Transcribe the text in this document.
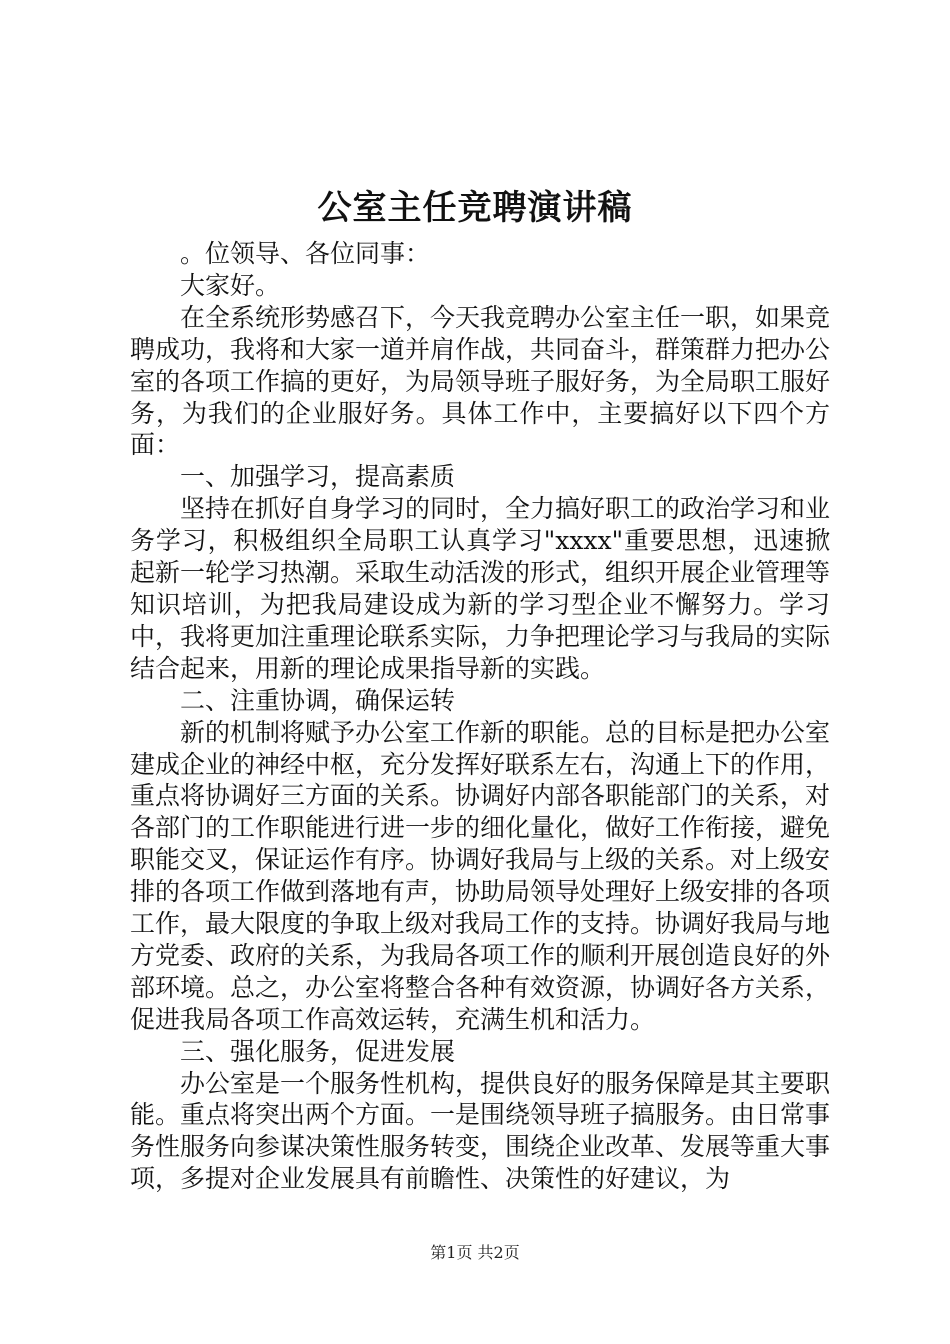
公室主任竞聘演讲稿

。位领导、各位同事：

大家好。

在全系统形势感召下，今天我竞聘办公室主任一职，如果竞聘成功，我将和大家一道并肩作战，共同奋斗，群策群力把办公室的各项工作搞的更好，为局领导班子服好务，为全局职工服好务，为我们的企业服好务。具体工作中，主要搞好以下四个方面：

一、加强学习，提高素质

坚持在抓好自身学习的同时，全力搞好职工的政治学习和业务学习，积极组织全局职工认真学习"xxxx"重要思想，迅速掀起新一轮学习热潮。采取生动活泼的形式，组织开展企业管理等知识培训，为把我局建设成为新的学习型企业不懈努力。学习中，我将更加注重理论联系实际，力争把理论学习与我局的实际结合起来，用新的理论成果指导新的实践。

二、注重协调，确保运转

新的机制将赋予办公室工作新的职能。总的目标是把办公室建成企业的神经中枢，充分发挥好联系左右，沟通上下的作用，重点将协调好三方面的关系。协调好内部各职能部门的关系，对各部门的工作职能进行进一步的细化量化，做好工作衔接，避免职能交叉，保证运作有序。协调好我局与上级的关系。对上级安排的各项工作做到落地有声，协助局领导处理好上级安排的各项工作，最大限度的争取上级对我局工作的支持。协调好我局与地方党委、政府的关系，为我局各项工作的顺利开展创造良好的外部环境。总之，办公室将整合各种有效资源，协调好各方关系，促进我局各项工作高效运转，充满生机和活力。

三、强化服务，促进发展

办公室是一个服务性机构，提供良好的服务保障是其主要职能。重点将突出两个方面。一是围绕领导班子搞服务。由日常事务性服务向参谋决策性服务转变，围绕企业改革、发展等重大事项，多提对企业发展具有前瞻性、决策性的好建议，为

第1页 共2页
